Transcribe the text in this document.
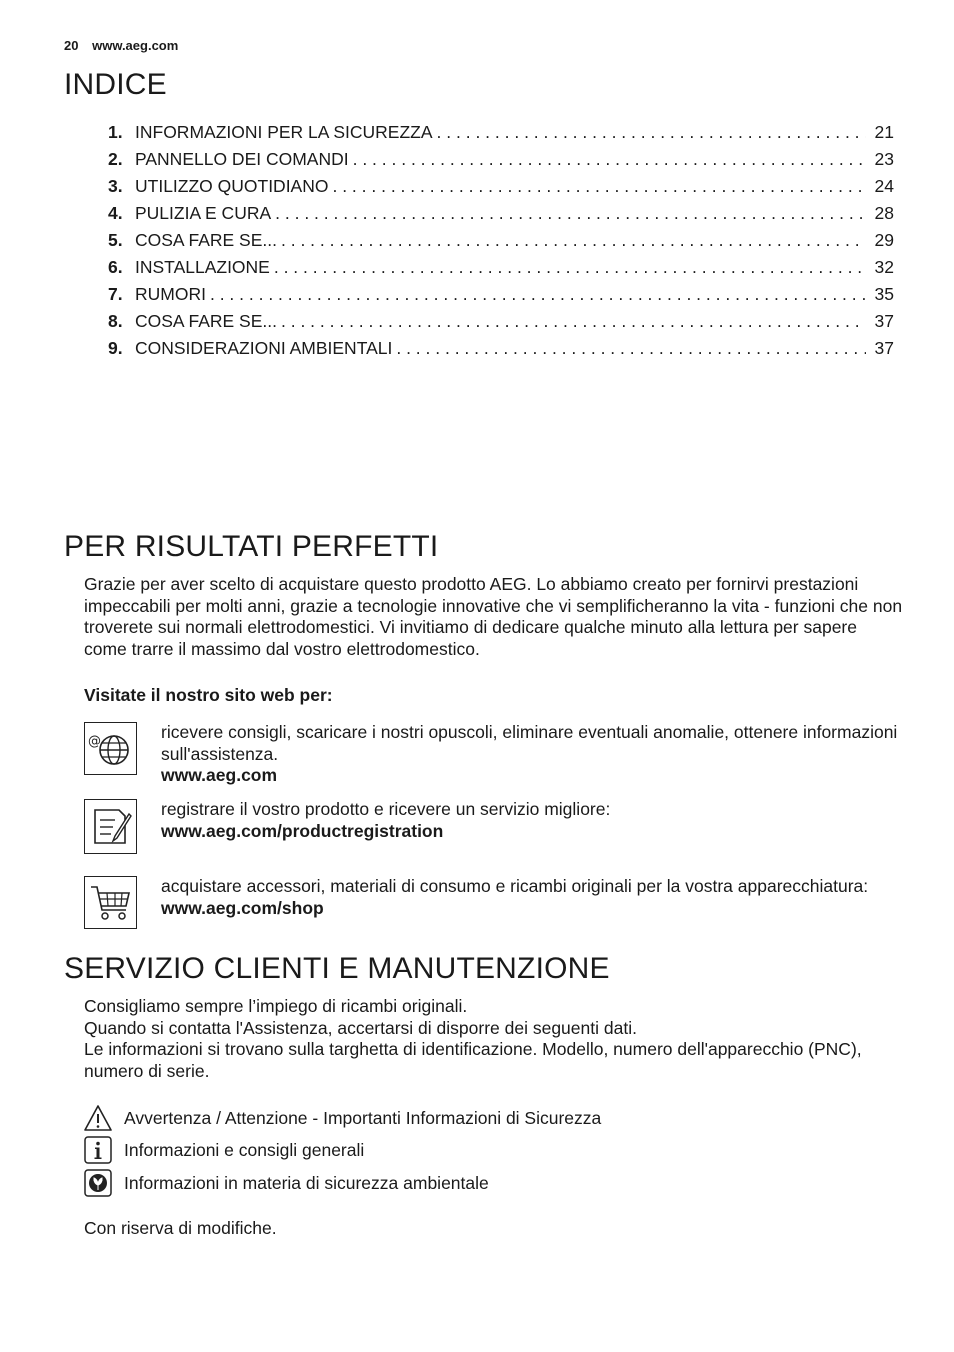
20 www.aeg.com
INDICE
1. INFORMAZIONI PER LA SICUREZZA . . .	21
2. PANNELLO DEI COMANDI . . .	23
3. UTILIZZO QUOTIDIANO . . .	24
4. PULIZIA E CURA . . .	28
5. COSA FARE SE... . . .	29
6. INSTALLAZIONE . . .	32
7. RUMORI . . .	35
8. COSA FARE SE... . . .	37
9. CONSIDERAZIONI AMBIENTALI . . .	37
PER RISULTATI PERFETTI

Grazie per aver scelto di acquistare questo prodotto AEG. Lo abbiamo creato per fornirvi prestazioni impeccabili per molti anni, grazie a tecnologie innovative che vi semplificheranno la vita - funzioni che non troverete sui normali elettrodomestici. Vi invitiamo di dedicare qualche minuto alla lettura per sapere come trarre il massimo dal vostro elettrodomestico.

Visitate il nostro sito web per:

@	ricevere consigli, scaricare i nostri opuscoli, eliminare eventuali anomalie, ottenere informazioni sull'assistenza.
www.aeg.com
registrare il vostro prodotto e ricevere un servizio migliore:
www.aeg.com/productregistration
acquistare accessori, materiali di consumo e ricambi originali per la vostra apparecchiatura:
www.aeg.com/shop
SERVIZIO CLIENTI E MANUTENZIONE
Consigliamo sempre l’impiego di ricambi originali.
Quando si contatta l'Assistenza, accertarsi di disporre dei seguenti dati.
Le informazioni si trovano sulla targhetta di identificazione. Modello, numero dell'apparecchio (PNC), numero di serie.
Avvertenza / Attenzione - Importanti Informazioni di Sicurezza
Informazioni e consigli generali
Informazioni in materia di sicurezza ambientale

Con riserva di modifiche.
